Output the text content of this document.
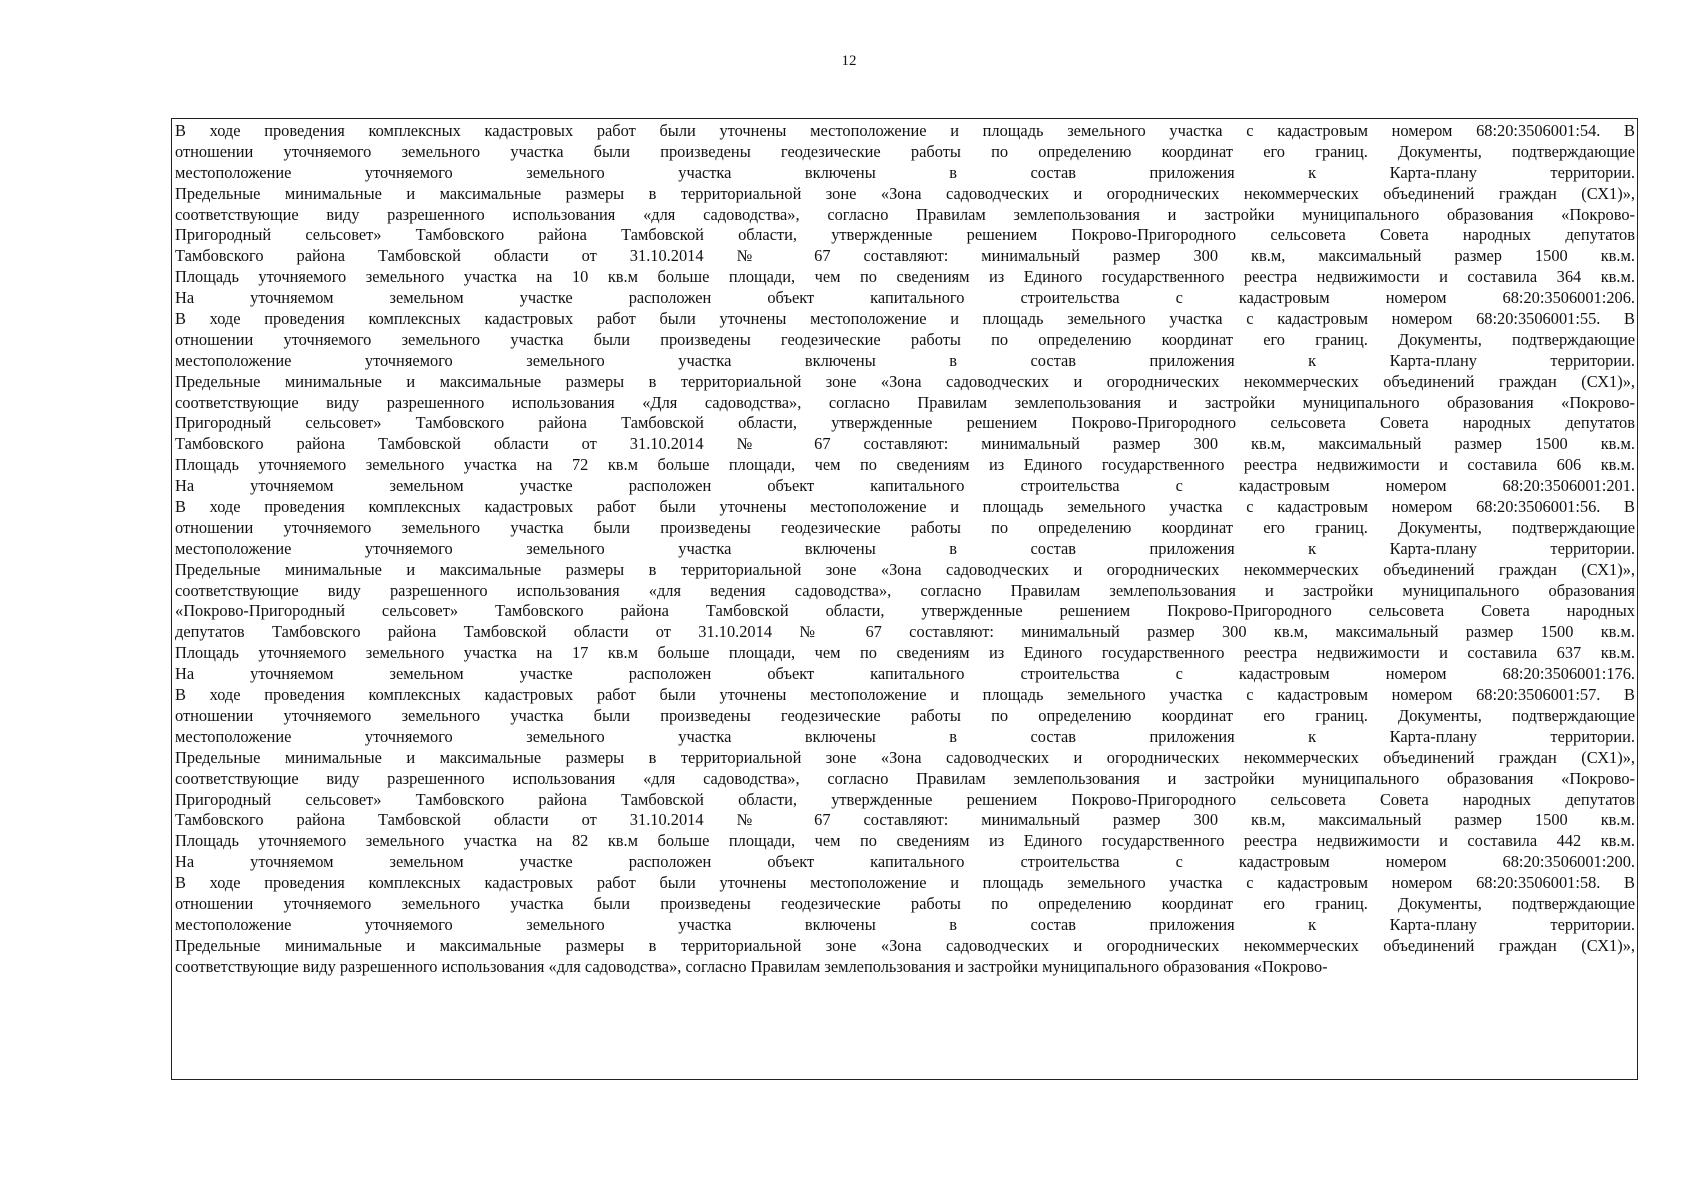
12
В ходе проведения комплексных кадастровых работ были уточнены местоположение и площадь земельного участка с кадастровым номером 68:20:3506001:54. В
отношении уточняемого земельного участка были произведены геодезические работы по определению координат его границ. Документы, подтверждающие
местоположение уточняемого земельного участка включены в состав приложения к Карта-плану территории.
Предельные минимальные и максимальные размеры в территориальной зоне «Зона садоводческих и огороднических некоммерческих объединений граждан (СХ1)»,
соответствующие виду разрешенного использования «для садоводства», согласно Правилам землепользования и застройки муниципального образования «Покрово-
Пригородный сельсовет» Тамбовского района Тамбовской области, утвержденные решением Покрово-Пригородного сельсовета Совета народных депутатов
Тамбовского района Тамбовской области от 31.10.2014 № 67 составляют: минимальный размер 300 кв.м, максимальный размер 1500 кв.м.
Площадь уточняемого земельного участка на 10 кв.м больше площади, чем по сведениям из Единого государственного реестра недвижимости и составила 364 кв.м.
На уточняемом земельном участке расположен объект капитального строительства с кадастровым номером 68:20:3506001:206.
В ходе проведения комплексных кадастровых работ были уточнены местоположение и площадь земельного участка с кадастровым номером 68:20:3506001:55. В
отношении уточняемого земельного участка были произведены геодезические работы по определению координат его границ. Документы, подтверждающие
местоположение уточняемого земельного участка включены в состав приложения к Карта-плану территории.
Предельные минимальные и максимальные размеры в территориальной зоне «Зона садоводческих и огороднических некоммерческих объединений граждан (СХ1)»,
соответствующие виду разрешенного использования «Для садоводства», согласно Правилам землепользования и застройки муниципального образования «Покрово-
Пригородный сельсовет» Тамбовского района Тамбовской области, утвержденные решением Покрово-Пригородного сельсовета Совета народных депутатов
Тамбовского района Тамбовской области от 31.10.2014 № 67 составляют: минимальный размер 300 кв.м, максимальный размер 1500 кв.м.
Площадь уточняемого земельного участка на 72 кв.м больше площади, чем по сведениям из Единого государственного реестра недвижимости и составила 606 кв.м.
На уточняемом земельном участке расположен объект капитального строительства с кадастровым номером 68:20:3506001:201.
В ходе проведения комплексных кадастровых работ были уточнены местоположение и площадь земельного участка с кадастровым номером 68:20:3506001:56. В
отношении уточняемого земельного участка были произведены геодезические работы по определению координат его границ. Документы, подтверждающие
местоположение уточняемого земельного участка включены в состав приложения к Карта-плану территории.
Предельные минимальные и максимальные размеры в территориальной зоне «Зона садоводческих и огороднических некоммерческих объединений граждан (СХ1)»,
соответствующие виду разрешенного использования «для ведения садоводства», согласно Правилам землепользования и застройки муниципального образования
«Покрово-Пригородный сельсовет» Тамбовского района Тамбовской области, утвержденные решением Покрово-Пригородного сельсовета Совета народных
депутатов Тамбовского района Тамбовской области от 31.10.2014 № 67 составляют: минимальный размер 300 кв.м, максимальный размер 1500 кв.м.
Площадь уточняемого земельного участка на 17 кв.м больше площади, чем по сведениям из Единого государственного реестра недвижимости и составила 637 кв.м.
На уточняемом земельном участке расположен объект капитального строительства с кадастровым номером 68:20:3506001:176.
В ходе проведения комплексных кадастровых работ были уточнены местоположение и площадь земельного участка с кадастровым номером 68:20:3506001:57. В
отношении уточняемого земельного участка были произведены геодезические работы по определению координат его границ. Документы, подтверждающие
местоположение уточняемого земельного участка включены в состав приложения к Карта-плану территории.
Предельные минимальные и максимальные размеры в территориальной зоне «Зона садоводческих и огороднических некоммерческих объединений граждан (СХ1)»,
соответствующие виду разрешенного использования «для садоводства», согласно Правилам землепользования и застройки муниципального образования «Покрово-
Пригородный сельсовет» Тамбовского района Тамбовской области, утвержденные решением Покрово-Пригородного сельсовета Совета народных депутатов
Тамбовского района Тамбовской области от 31.10.2014 № 67 составляют: минимальный размер 300 кв.м, максимальный размер 1500 кв.м.
Площадь уточняемого земельного участка на 82 кв.м больше площади, чем по сведениям из Единого государственного реестра недвижимости и составила 442 кв.м.
На уточняемом земельном участке расположен объект капитального строительства с кадастровым номером 68:20:3506001:200.
В ходе проведения комплексных кадастровых работ были уточнены местоположение и площадь земельного участка с кадастровым номером 68:20:3506001:58. В
отношении уточняемого земельного участка были произведены геодезические работы по определению координат его границ. Документы, подтверждающие
местоположение уточняемого земельного участка включены в состав приложения к Карта-плану территории.
Предельные минимальные и максимальные размеры в территориальной зоне «Зона садоводческих и огороднических некоммерческих объединений граждан (СХ1)»,
соответствующие виду разрешенного использования «для садоводства», согласно Правилам землепользования и застройки муниципального образования «Покрово-
